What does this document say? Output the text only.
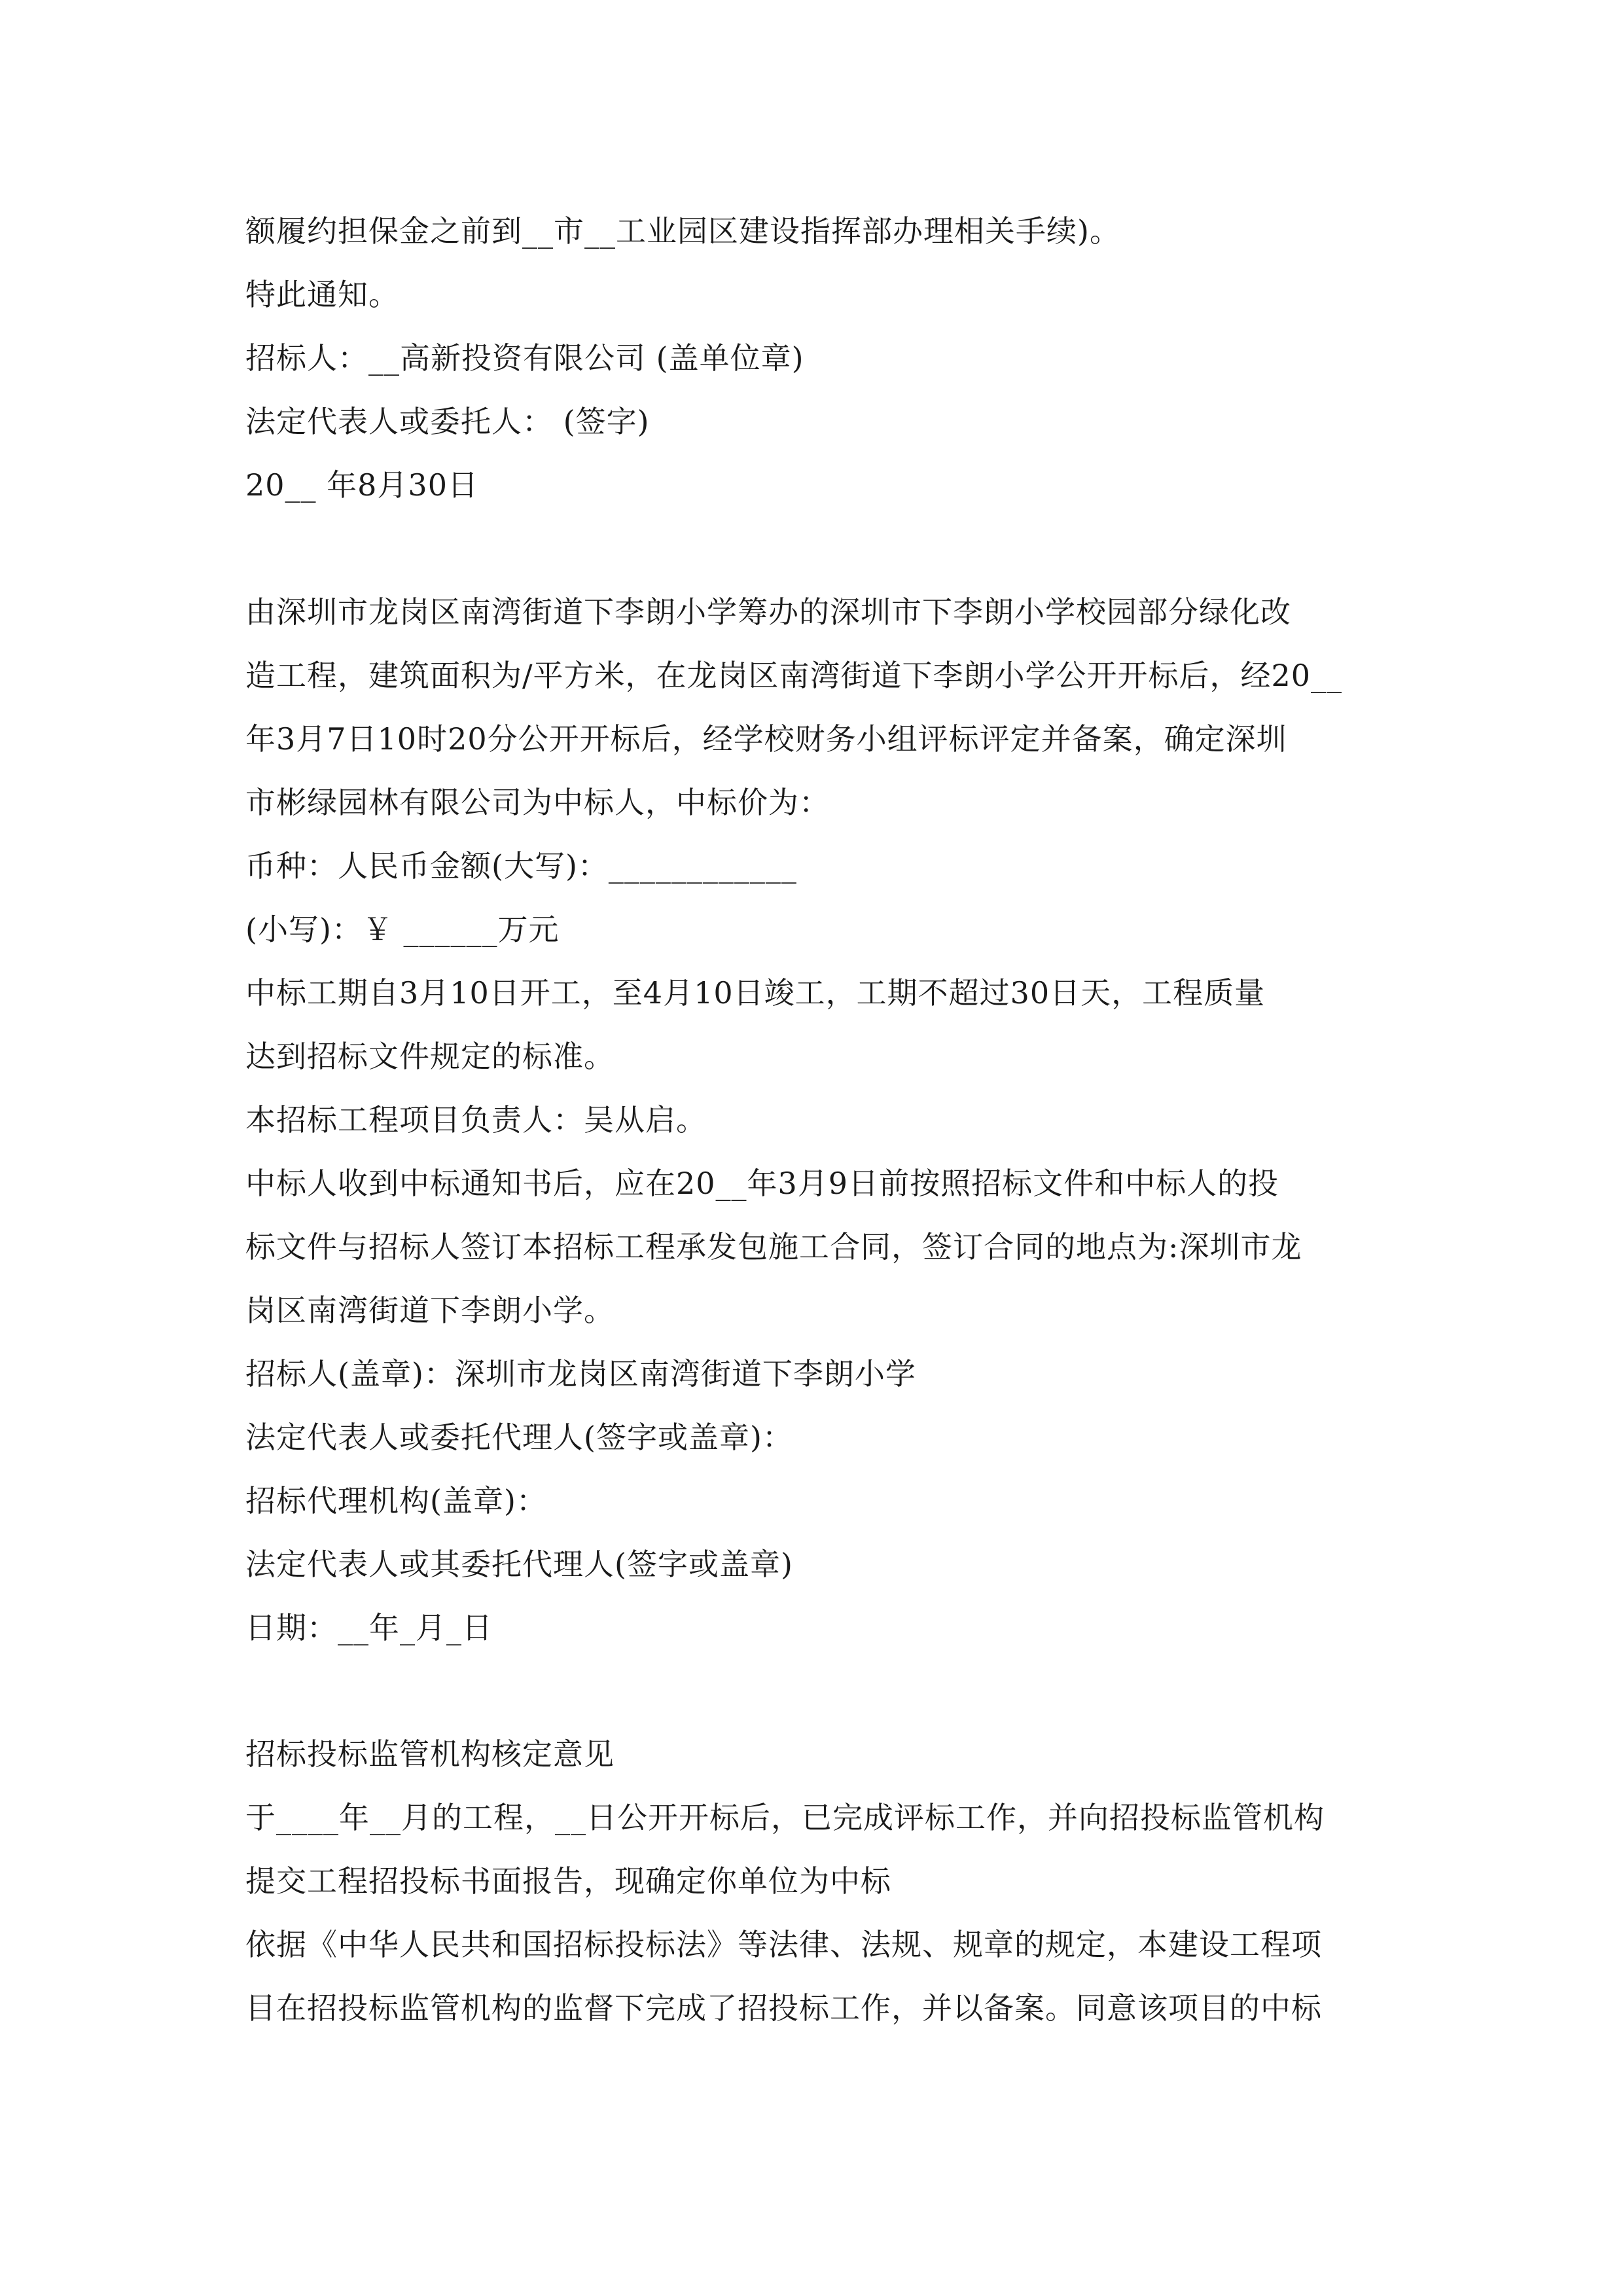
额履约担保金之前到__市__工业园区建设指挥部办理相关手续)。
特此通知。
招标人：__高新投资有限公司 (盖单位章)
法定代表人或委托人： (签字)
20__ 年8月30日
由深圳市龙岗区南湾街道下李朗小学筹办的深圳市下李朗小学校园部分绿化改
造工程，建筑面积为/平方米，在龙岗区南湾街道下李朗小学公开开标后，经20__
年3月7日10时20分公开开标后，经学校财务小组评标评定并备案，确定深圳
市彬绿园林有限公司为中标人，中标价为：
币种：人民币金额(大写)：____________
(小写)：￥ ______万元
中标工期自3月10日开工，至4月10日竣工，工期不超过30日天，工程质量
达到招标文件规定的标准。
本招标工程项目负责人：吴从启。
中标人收到中标通知书后，应在20__年3月9日前按照招标文件和中标人的投
标文件与招标人签订本招标工程承发包施工合同，签订合同的地点为:深圳市龙
岗区南湾街道下李朗小学。
招标人(盖章)：深圳市龙岗区南湾街道下李朗小学
法定代表人或委托代理人(签字或盖章)：
招标代理机构(盖章)：
法定代表人或其委托代理人(签字或盖章)
日期：__年_月_日
招标投标监管机构核定意见
于____年__月的工程，__日公开开标后，已完成评标工作，并向招投标监管机构
提交工程招投标书面报告，现确定你单位为中标
依据《中华人民共和国招标投标法》等法律、法规、规章的规定，本建设工程项
目在招投标监管机构的监督下完成了招投标工作，并以备案。同意该项目的中标
